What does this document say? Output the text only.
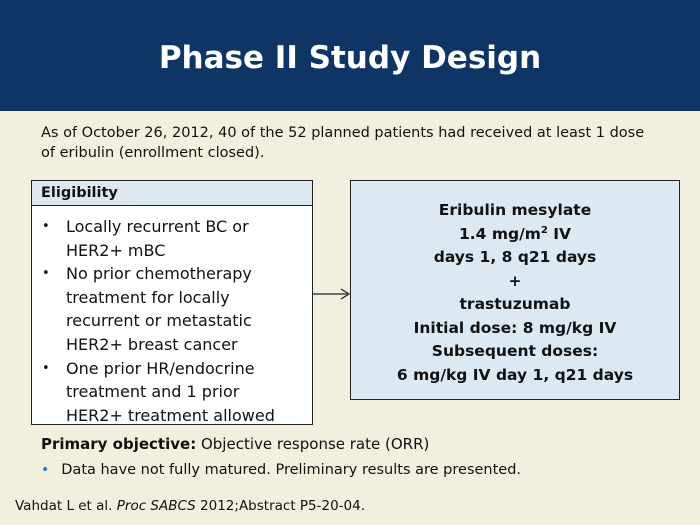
Phase II Study Design
As of October 26, 2012, 40 of the 52 planned patients had received at least 1 dose of eribulin (enrollment closed).
Eligibility
• Locally recurrent BC or
HER2+ mBC
• No prior chemotherapy
treatment for locally
recurrent or metastatic
HER2+ breast cancer
• One prior HR/endocrine
treatment and 1 prior
HER2+ treatment allowed
Eribulin mesylate
1.4 $mg/m^2$ IV
days 1, 8 q21 days
+
trastuzumab
Initial dose: 8 mg/kg IV
Subsequent doses:
6 mg/kg IV day 1, q21 days
Primary objective: Objective response rate (ORR)
• Data have not fully matured. Preliminary results are presented.
Vahdat L et al. Proc SABCS 2012;Abstract P5-20-04.
